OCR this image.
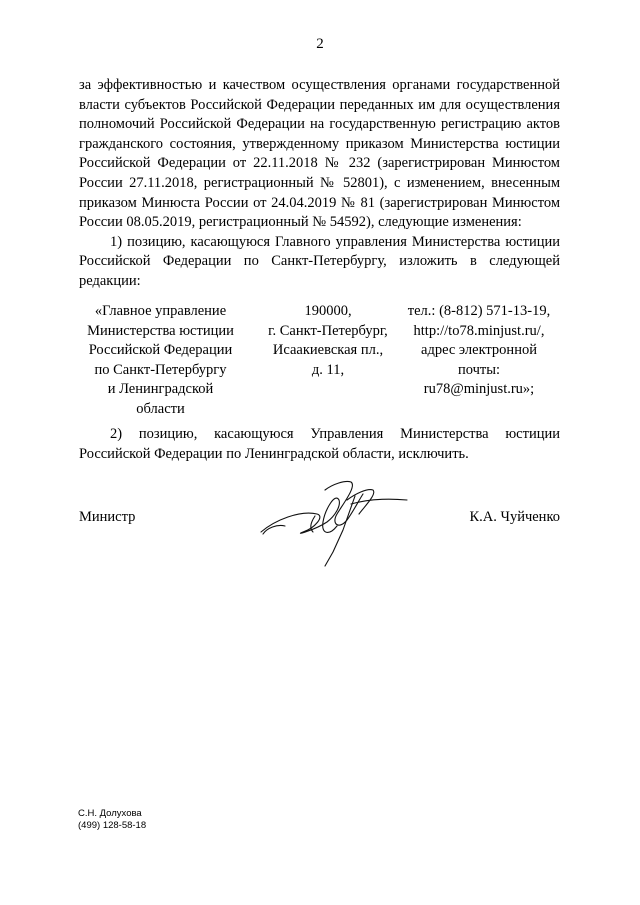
2

за эффективностью и качеством осуществления органами государственной власти субъектов Российской Федерации переданных им для осуществления полномочий Российской Федерации на государственную регистрацию актов гражданского состояния, утвержденному приказом Министерства юстиции Российской Федерации от 22.11.2018 № 232 (зарегистрирован Минюстом России 27.11.2018, регистрационный № 52801), с изменением, внесенным приказом Минюста России от 24.04.2019 № 81 (зарегистрирован Минюстом России 08.05.2019, регистрационный № 54592), следующие изменения:

1) позицию, касающуюся Главного управления Министерства юстиции Российской Федерации по Санкт-Петербургу, изложить в следующей редакции:

«Главное управление
Министерства юстиции
Российской Федерации
по Санкт-Петербургу
и Ленинградской
области
190000,
г. Санкт-Петербург,
Исаакиевская пл.,
д. 11,
тел.: (8-812) 571-13-19,
http://to78.minjust.ru/,
адрес электронной
почты:
ru78@minjust.ru»;

2) позицию, касающуюся Управления Министерства юстиции Российской Федерации по Ленинградской области, исключить.

Министр	К.А. Чуйченко
С.Н. Долухова
(499) 128-58-18
